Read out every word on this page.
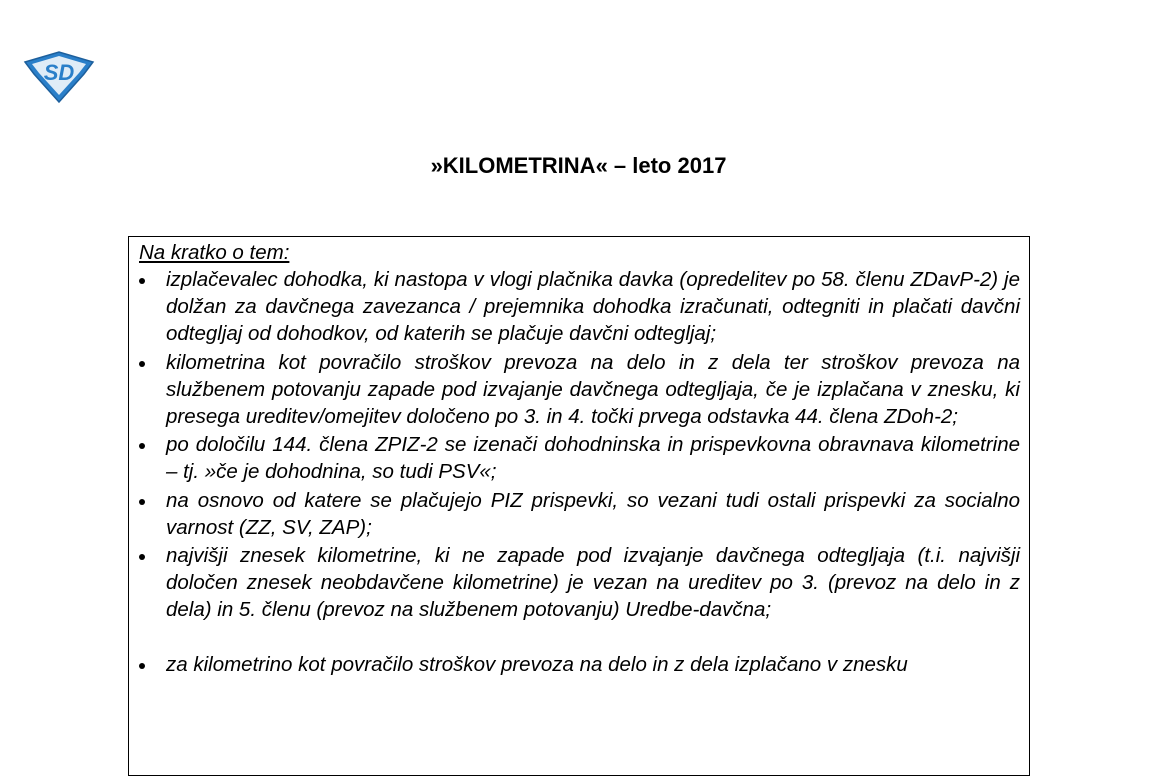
SD
»KILOMETRINA« – leto 2017
Na kratko o tem:
izplačevalec dohodka, ki nastopa v vlogi plačnika davka (opredelitev po 58. členu ZDavP-2) je dolžan za davčnega zavezanca / prejemnika dohodka izračunati, odtegniti in plačati davčni odtegljaj od dohodkov, od katerih se plačuje davčni odtegljaj;
kilometrina kot povračilo stroškov prevoza na delo in z dela ter stroškov prevoza na službenem potovanju zapade pod izvajanje davčnega odtegljaja, če je izplačana v znesku, ki presega ureditev/omejitev določeno po 3. in 4. točki prvega odstavka 44. člena ZDoh-2;
po določilu 144. člena ZPIZ-2 se izenači dohodninska in prispevkovna obravnava kilometrine – tj. »če je dohodnina, so tudi PSV«;
na osnovo od katere se plačujejo PIZ prispevki, so vezani tudi ostali prispevki za socialno varnost (ZZ, SV, ZAP);
najvišji znesek kilometrine, ki ne zapade pod izvajanje davčnega odtegljaja (t.i. najvišji določen znesek neobdavčene kilometrine) je vezan na ureditev po 3. (prevoz na delo in z dela) in 5. členu (prevoz na službenem potovanju) Uredbe-davčna;
za kilometrino kot povračilo stroškov prevoza na delo in z dela izplačano v znesku
